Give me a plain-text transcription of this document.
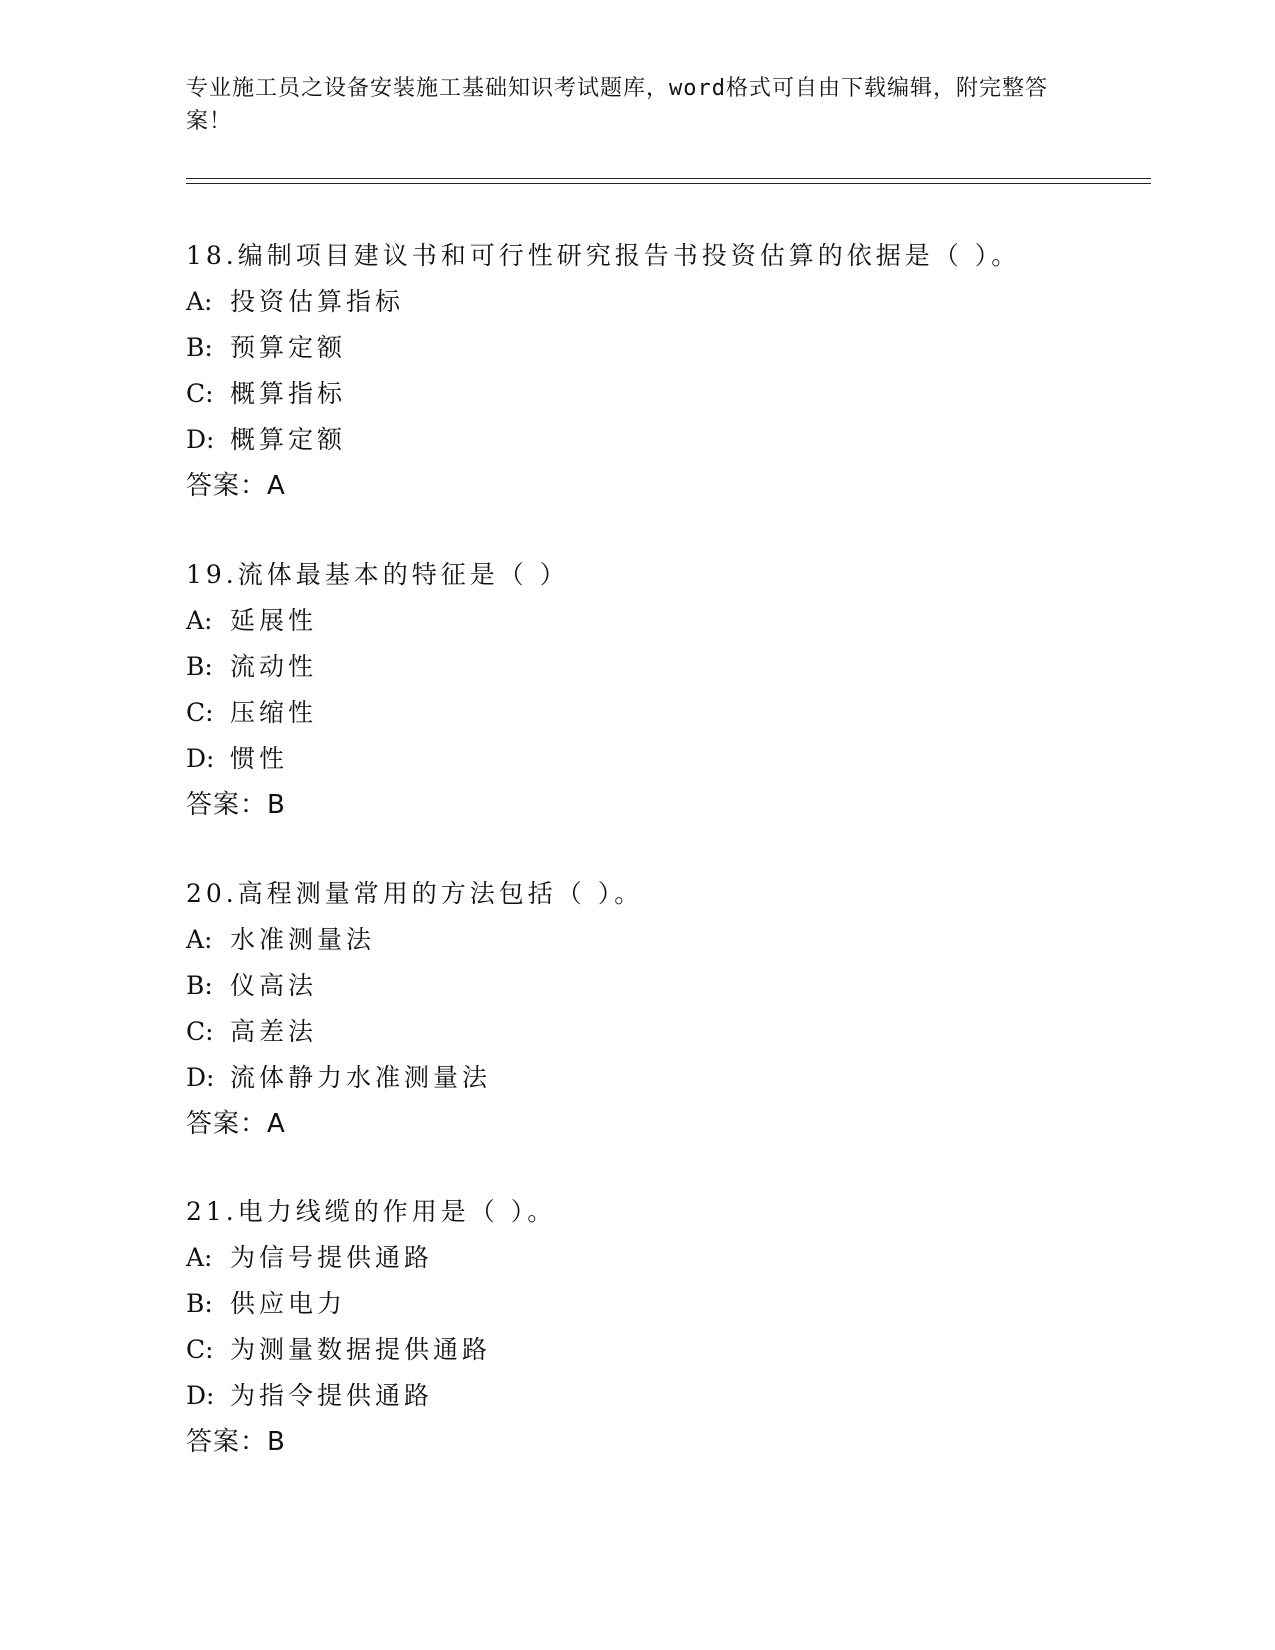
专业施工员之设备安装施工基础知识考试题库，word格式可自由下载编辑，附完整答案！
18.编制项目建议书和可行性研究报告书投资估算的依据是（ ）。
A: 投资估算指标
B: 预算定额
C: 概算指标
D: 概算定额
答案：A
19.流体最基本的特征是（ ）
A: 延展性
B: 流动性
C: 压缩性
D: 惯性
答案：B
20.高程测量常用的方法包括（ ）。
A: 水准测量法
B: 仪高法
C: 高差法
D: 流体静力水准测量法
答案：A
21.电力线缆的作用是（ ）。
A: 为信号提供通路
B: 供应电力
C: 为测量数据提供通路
D: 为指令提供通路
答案：B
